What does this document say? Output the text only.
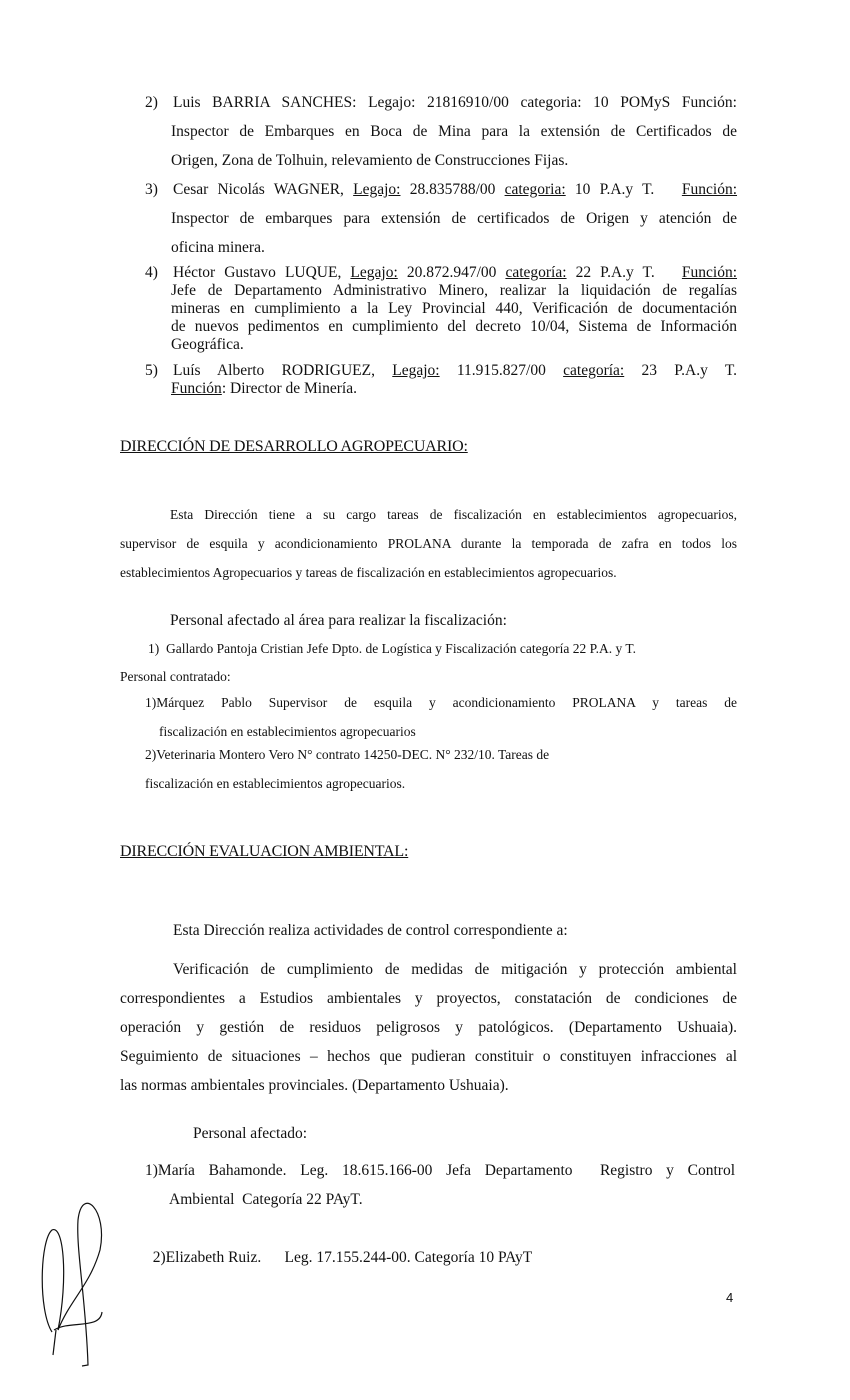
2) Luis BARRIA SANCHES: Legajo: 21816910/00 categoria: 10 POMyS Función:
Inspector de Embarques en Boca de Mina para la extensión de Certificados de
Origen, Zona de Tolhuin, relevamiento de Construcciones Fijas.
3) Cesar Nicolás WAGNER, Legajo: 28.835788/00 categoria: 10 P.A.y T. Función:
Inspector de embarques para extensión de certificados de Origen y atención de
oficina minera.
4) Héctor Gustavo LUQUE, Legajo: 20.872.947/00 categoría: 22 P.A.y T. Función:
Jefe de Departamento Administrativo Minero, realizar la liquidación de regalías
mineras en cumplimiento a la Ley Provincial 440, Verificación de documentación
de nuevos pedimentos en cumplimiento del decreto 10/04, Sistema de Información
Geográfica.
5) Luís Alberto RODRIGUEZ, Legajo: 11.915.827/00 categoría: 23 P.A.y T.
Función: Director de Minería.
DIRECCIÓN DE DESARROLLO AGROPECUARIO:
Esta Dirección tiene a su cargo tareas de fiscalización en establecimientos agropecuarios,
supervisor de esquila y acondicionamiento PROLANA durante la temporada de zafra en todos los
establecimientos Agropecuarios y tareas de fiscalización en establecimientos agropecuarios.
Personal afectado al área para realizar la fiscalización:
1) Gallardo Pantoja Cristian Jefe Dpto. de Logística y Fiscalización categoría 22 P.A. y T.
Personal contratado:
1)Márquez Pablo Supervisor de esquila y acondicionamiento PROLANA y tareas de
fiscalización en establecimientos agropecuarios
2)Veterinaria Montero Vero N° contrato 14250-DEC. N° 232/10. Tareas de
fiscalización en establecimientos agropecuarios.
DIRECCIÓN EVALUACION AMBIENTAL:
Esta Dirección realiza actividades de control correspondiente a:
Verificación de cumplimiento de medidas de mitigación y protección ambiental
correspondientes a Estudios ambientales y proyectos, constatación de condiciones de
operación y gestión de residuos peligrosos y patológicos. (Departamento Ushuaia).
Seguimiento de situaciones – hechos que pudieran constituir o constituyen infracciones al
las normas ambientales provinciales. (Departamento Ushuaia).
Personal afectado:
1)María Bahamonde. Leg. 18.615.166-00 Jefa Departamento  Registro y Control
Ambiental  Categoría 22 PAyT.

2)Elizabeth Ruiz.      Leg. 17.155.244-00. Categoría 10 PAyT

4
